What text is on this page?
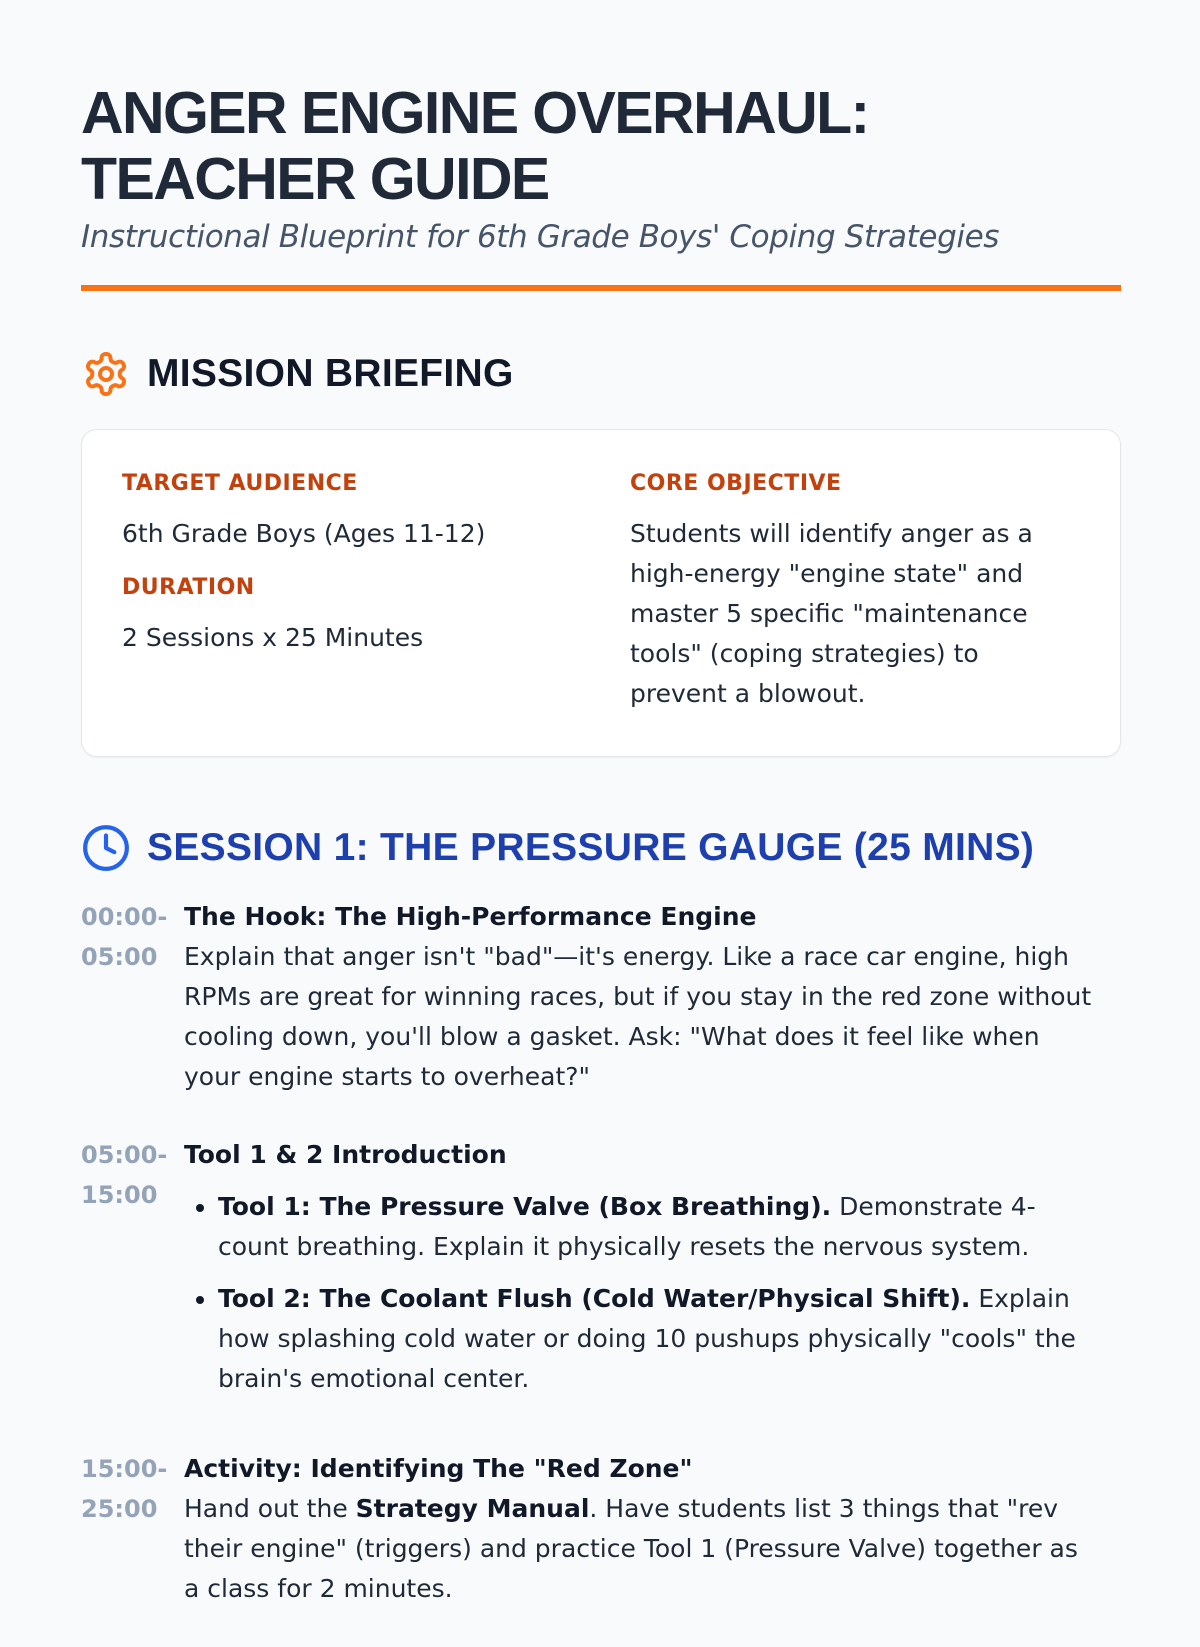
ANGER ENGINE OVERHAUL: TEACHER GUIDE
Instructional Blueprint for 6th Grade Boys' Coping Strategies
MISSION BRIEFING
TARGET AUDIENCE
6th Grade Boys (Ages 11-12)
DURATION
2 Sessions x 25 Minutes
CORE OBJECTIVE
Students will identify anger as a high-energy "engine state" and master 5 specific "maintenance tools" (coping strategies) to prevent a blowout.
SESSION 1: THE PRESSURE GAUGE (25 MINS)
00:00-
05:00
The Hook: The High-Performance Engine
Explain that anger isn't "bad"—it's energy. Like a race car engine, high RPMs are great for winning races, but if you stay in the red zone without cooling down, you'll blow a gasket. Ask: "What does it feel like when your engine starts to overheat?"
05:00-
15:00
Tool 1 & 2 Introduction
• Tool 1: The Pressure Valve (Box Breathing). Demonstrate 4-count breathing. Explain it physically resets the nervous system.
• Tool 2: The Coolant Flush (Cold Water/Physical Shift). Explain how splashing cold water or doing 10 pushups physically "cools" the brain's emotional center.
15:00-
25:00
Activity: Identifying The "Red Zone"
Hand out the Strategy Manual. Have students list 3 things that "rev their engine" (triggers) and practice Tool 1 (Pressure Valve) together as a class for 2 minutes.
